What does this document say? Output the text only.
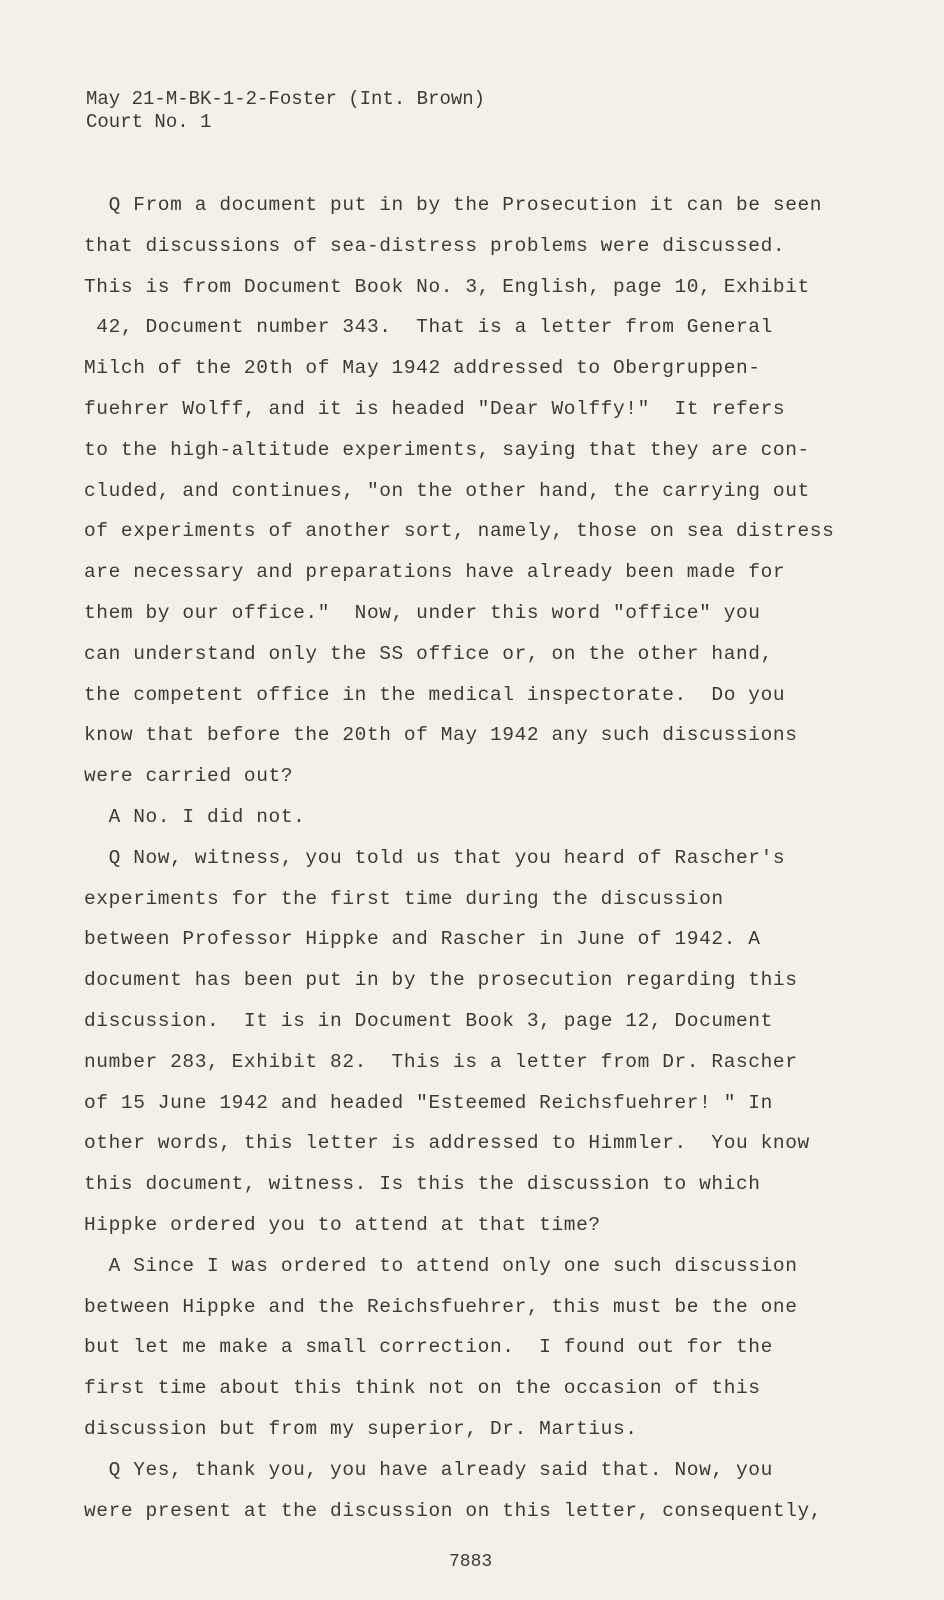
May 21-M-BK-1-2-Foster (Int. Brown)
Court No. 1
Q From a document put in by the Prosecution it can be seen
that discussions of sea-distress problems were discussed.
This is from Document Book No. 3, English, page 10, Exhibit
42, Document number 343.  That is a letter from General
Milch of the 20th of May 1942 addressed to Obergruppen-
fuehrer Wolff, and it is headed "Dear Wolffy!"  It refers
to the high-altitude experiments, saying that they are con-
cluded, and continues, "on the other hand, the carrying out
of experiments of another sort, namely, those on sea distress
are necessary and preparations have already been made for
them by our office."  Now, under this word "office" you
can understand only the SS office or, on the other hand,
the competent office in the medical inspectorate.  Do you
know that before the 20th of May 1942 any such discussions
were carried out?
A No. I did not.
Q Now, witness, you told us that you heard of Rascher's
experiments for the first time during the discussion
between Professor Hippke and Rascher in June of 1942. A
document has been put in by the prosecution regarding this
discussion.  It is in Document Book 3, page 12, Document
number 283, Exhibit 82.  This is a letter from Dr. Rascher
of 15 June 1942 and headed "Esteemed Reichsfuehrer! " In
other words, this letter is addressed to Himmler.  You know
this document, witness. Is this the discussion to which
Hippke ordered you to attend at that time?
A Since I was ordered to attend only one such discussion
between Hippke and the Reichsfuehrer, this must be the one
but let me make a small correction.  I found out for the
first time about this think not on the occasion of this
discussion but from my superior, Dr. Martius.
Q Yes, thank you, you have already said that. Now, you
were present at the discussion on this letter, consequently,
7883
